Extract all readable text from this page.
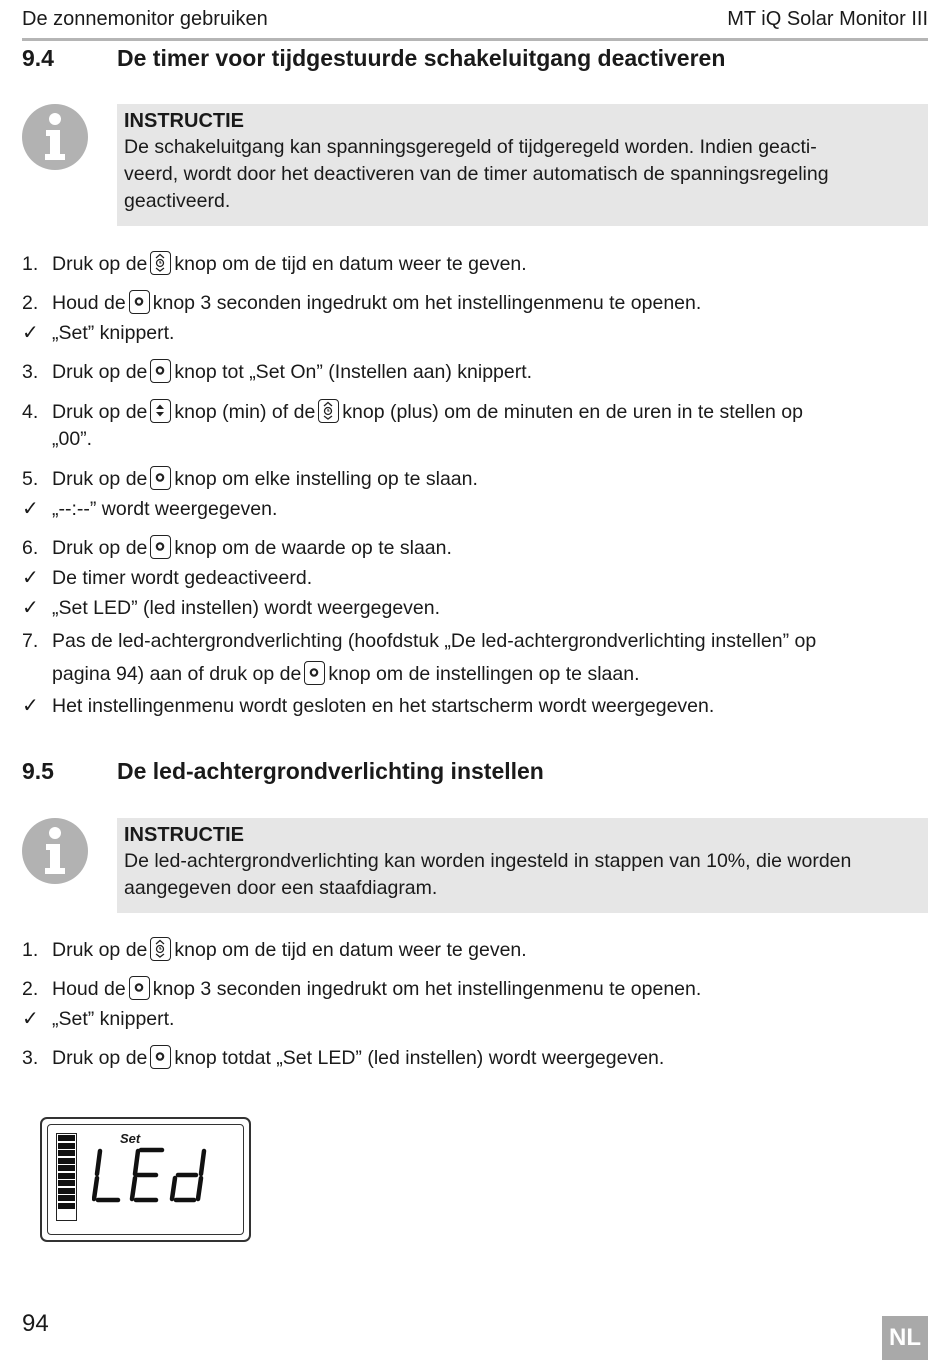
De zonnemonitor gebruiken	MT iQ Solar Monitor III
9.4	De timer voor tijdgestuurde schakeluitgang deactiveren
INSTRUCTIE
De schakeluitgang kan spanningsgeregeld of tijdgeregeld worden. Indien geacti-
veerd, wordt door het deactiveren van de timer automatisch de spanningsregeling
geactiveerd.
1. Druk op de knop om de tijd en datum weer te geven.
2. Houd de knop 3 seconden ingedrukt om het instellingenmenu te openen.
✓ „Set” knippert.
3. Druk op de knop tot „Set On” (Instellen aan) knippert.
4. Druk op de knop (min) of de knop (plus) om de minuten en de uren in te stellen op
„00”.
5. Druk op de knop om elke instelling op te slaan.
✓ „--:--” wordt weergegeven.
6. Druk op de knop om de waarde op te slaan.
✓ De timer wordt gedeactiveerd.
✓ „Set LED” (led instellen) wordt weergegeven.
7. Pas de led-achtergrondverlichting (hoofdstuk „De led-achtergrondverlichting instellen” op
pagina 94) aan of druk op de knop om de instellingen op te slaan.
✓ Het instellingenmenu wordt gesloten en het startscherm wordt weergegeven.
9.5	De led-achtergrondverlichting instellen
INSTRUCTIE
De led-achtergrondverlichting kan worden ingesteld in stappen van 10%, die worden
aangegeven door een staafdiagram.
1. Druk op de knop om de tijd en datum weer te geven.
2. Houd de knop 3 seconden ingedrukt om het instellingenmenu te openen.
✓ „Set” knippert.
3. Druk op de knop totdat „Set LED” (led instellen) wordt weergegeven.
Set
94
NL
